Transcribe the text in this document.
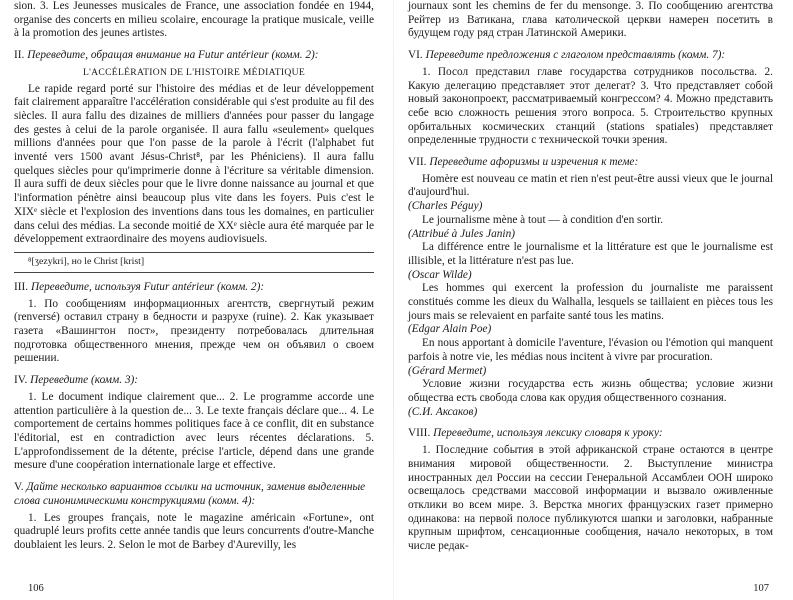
sion. 3. Les Jeunesses musicales de France, une association fondée en 1944, organise des concerts en milieu scolaire, encourage la pratique musicale, veille à la promotion des jeunes artistes.

II. Переведите, обращая внимание на Futur antérieur (комм. 2):
L'ACCÉLÉRATION DE L'HISTOIRE MÉDIATIQUE

Le rapide regard porté sur l'histoire des médias et de leur développement fait clairement apparaître l'accélération considérable qui s'est produite au fil des siècles. Il aura fallu des dizaines de milliers d'années pour passer du langage des gestes à celui de la parole organisée. Il aura fallu «seulement» quelques millions d'années pour que l'on passe de la parole à l'écrit (l'alphabet fut inventé vers 1500 avant Jésus-Christ⁸, par les Phéniciens). Il aura fallu quelques siècles pour qu'imprimerie donne à l'écriture sa véritable dimension. Il aura suffi de deux siècles pour que le livre donne naissance au journal et que l'information pénètre ainsi beaucoup plus vite dans les foyers. Puis c'est le XIXᵉ siècle et l'explosion des inventions dans tous les domaines, en particulier dans celui des médias. La seconde moitié de XXᵉ siècle aura été marquée par le développement extraordinaire des moyens audiovisuels.

⁸[ʒezykri], но le Christ [krist]
III. Переведите, используя Futur antérieur (комм. 2):

1. По сообщениям информационных агентств, свергнутый режим (renversé) оставил страну в бедности и разрухе (ruine). 2. Как указывает газета «Вашингтон пост», президенту потребовалась длительная подготовка общественного мнения, прежде чем он объявил о своем решении.

IV. Переведите (комм. 3):

1. Le document indique clairement que... 2. Le programme accorde une attention particulière à la question de... 3. Le texte français déclare que... 4. Le comportement de certains hommes politiques face à ce conflit, dit en substance l'éditorial, est en contradiction avec leurs récentes déclarations. 5. L'approfondissement de la détente, précise l'article, dépend dans une grande mesure d'une coopération internationale large et effective.

V. Дайте несколько вариантов ссылки на источник, заменив выделенные слова синонимическими конструкциями (комм. 4):

1. Les groupes français, note le magazine américain «Fortune», ont quadruplé leurs profits cette année tandis que leurs concurrents d'outre-Manche doublaient les leurs. 2. Selon le mot de Barbey d'Aurevilly, les

106

journaux sont les chemins de fer du mensonge. 3. По сообщению агентства Рейтер из Ватикана, глава католической церкви намерен посетить в будущем году ряд стран Латинской Америки.

VI. Переведите предложения с глаголом представлять (комм. 7):

1. Посол представил главе государства сотрудников посольства. 2. Какую делегацию представляет этот делегат? 3. Что представляет собой новый законопроект, рассматриваемый конгрессом? 4. Можно представить себе всю сложность решения этого вопроса. 5. Строительство крупных орбитальных космических станций (stations spatiales) представляет определенные трудности с технической точки зрения.

VII. Переведите афоризмы и изречения к теме:

Homère est nouveau ce matin et rien n'est peut-être aussi vieux que le journal d'aujourd'hui.

(Charles Péguy)

Le journalisme mène à tout — à condition d'en sortir.

(Attribué à Jules Janin)

La différence entre le journalisme et la littérature est que le journalisme est illisible, et la littérature n'est pas lue.

(Oscar Wilde)

Les hommes qui exercent la profession du journaliste me paraissent constitués comme les dieux du Walhalla, lesquels se taillaient en pièces tous les jours mais se relevaient en parfaite santé tous les matins.

(Edgar Alain Poe)

En nous apportant à domicile l'aventure, l'évasion ou l'émotion qui manquent parfois à notre vie, les médias nous incitent à vivre par procuration.

(Gérard Mermet)

Условие жизни государства есть жизнь общества; условие жизни общества есть свобода слова как орудия общественного сознания.

(С.И. Аксаков)

VIII. Переведите, используя лексику словаря к уроку:

1. Последние события в этой африканской стране остаются в центре внимания мировой общественности. 2. Выступление министра иностранных дел России на сессии Генеральной Ассамблеи ООН широко освещалось средствами массовой информации и вызвало оживленные отклики во всем мире. 3. Верстка многих французских газет примерно одинакова: на первой полосе публикуются шапки и заголовки, набранные крупным шрифтом, сенсационные сообщения, начало некоторых, в том числе редак-

107
